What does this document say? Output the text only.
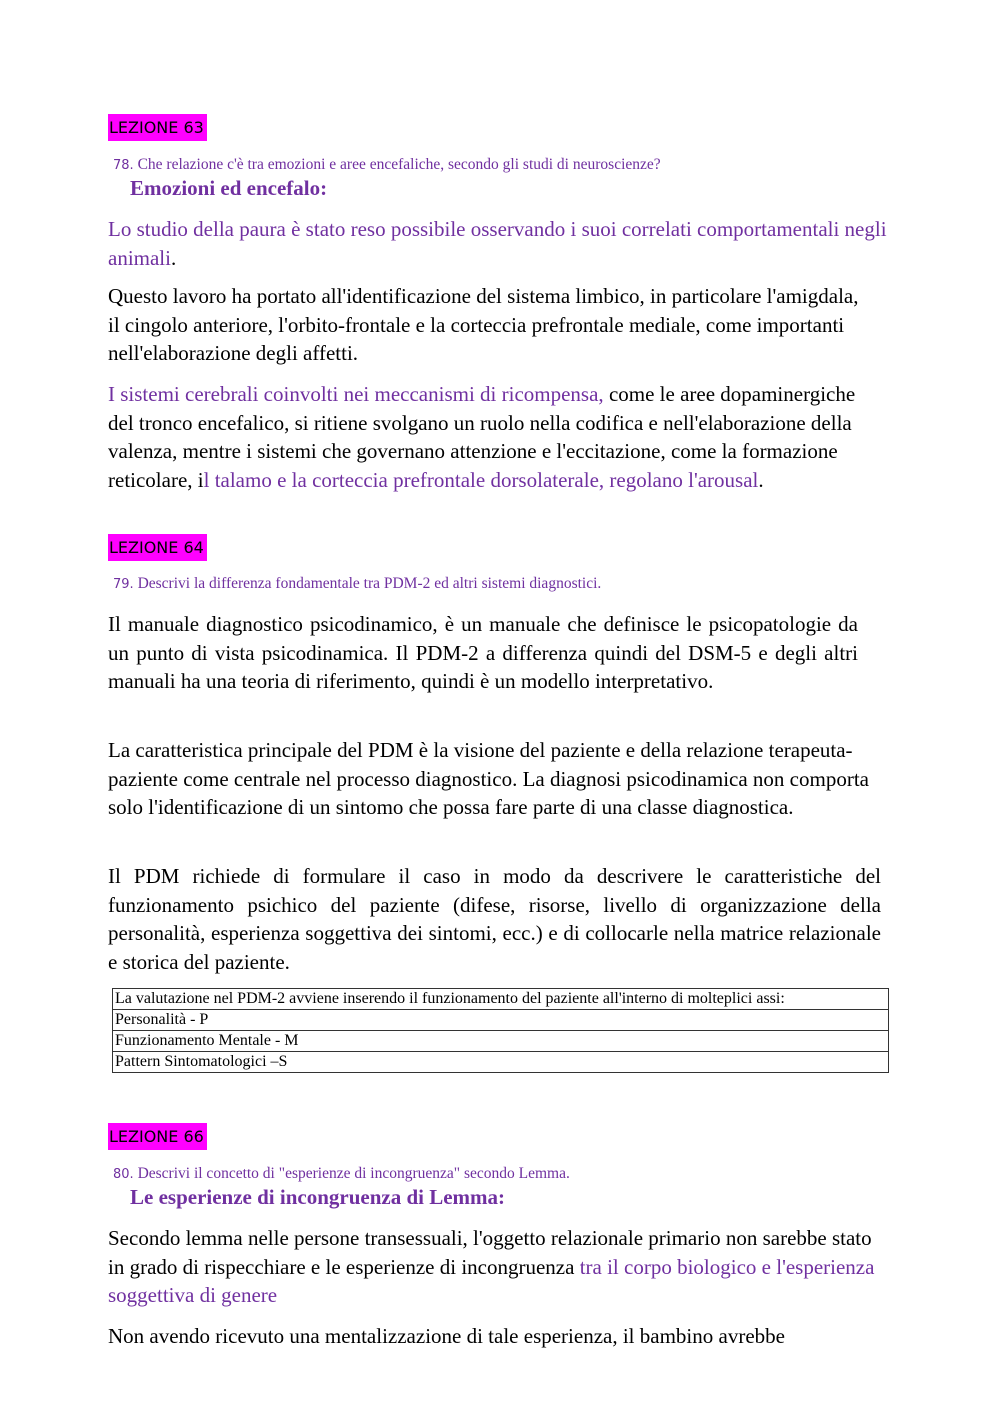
LEZIONE 63
78. Che relazione c'è tra emozioni e aree encefaliche, secondo gli studi di neuroscienze?
Emozioni ed encefalo:

Lo studio della paura è stato reso possibile osservando i suoi correlati comportamentali negli animali.

Questo lavoro ha portato all'identificazione del sistema limbico, in particolare l'amigdala, il cingolo anteriore, l'orbito-frontale e la corteccia prefrontale mediale, come importanti nell'elaborazione degli affetti.

I sistemi cerebrali coinvolti nei meccanismi di ricompensa, come le aree dopaminergiche del tronco encefalico, si ritiene svolgano un ruolo nella codifica e nell'elaborazione della valenza, mentre i sistemi che governano attenzione e l'eccitazione, come la formazione reticolare, il talamo e la corteccia prefrontale dorsolaterale, regolano l'arousal.

LEZIONE 64
79. Descrivi la differenza fondamentale tra PDM-2 ed altri sistemi diagnostici.

Il manuale diagnostico psicodinamico, è un manuale che definisce le psicopatologie da un punto di vista psicodinamica. Il PDM-2 a differenza quindi del DSM-5 e degli altri manuali ha una teoria di riferimento, quindi è un modello interpretativo.

La caratteristica principale del PDM è la visione del paziente e della relazione terapeuta-paziente come centrale nel processo diagnostico. La diagnosi psicodinamica non comporta solo l'identificazione di un sintomo che possa fare parte di una classe diagnostica.

Il PDM richiede di formulare il caso in modo da descrivere le caratteristiche del funzionamento psichico del paziente (difese, risorse, livello di organizzazione della personalità, esperienza soggettiva dei sintomi, ecc.) e di collocarle nella matrice relazionale e storica del paziente.

La valutazione nel PDM-2 avviene inserendo il funzionamento del paziente all'interno di molteplici assi:
Personalità - P
Funzionamento Mentale - M
Pattern Sintomatologici –S
LEZIONE 66
80. Descrivi il concetto di "esperienze di incongruenza" secondo Lemma.
Le esperienze di incongruenza di Lemma:

Secondo lemma nelle persone transessuali, l'oggetto relazionale primario non sarebbe stato in grado di rispecchiare e le esperienze di incongruenza tra il corpo biologico e l'esperienza soggettiva di genere

Non avendo ricevuto una mentalizzazione di tale esperienza, il bambino avrebbe
